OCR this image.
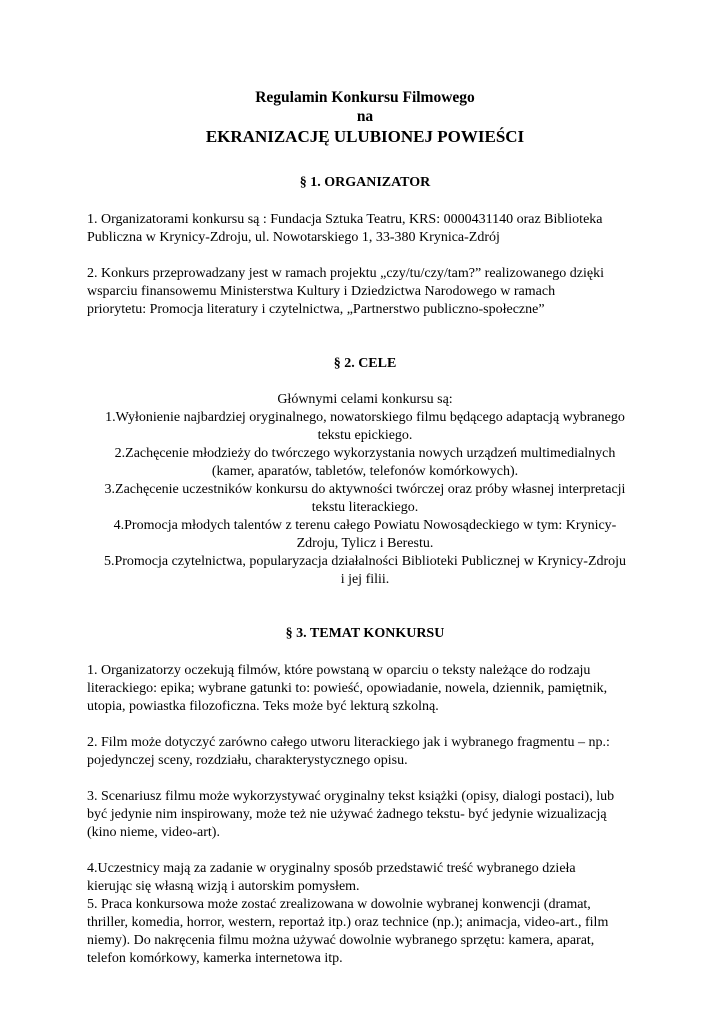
Regulamin Konkursu Filmowego
na
EKRANIZACJĘ ULUBIONEJ POWIEŚCI
§ 1. ORGANIZATOR

1. Organizatorami konkursu są : Fundacja Sztuka Teatru, KRS: 0000431140 oraz Biblioteka
Publiczna w Krynicy-Zdroju, ul. Nowotarskiego 1, 33-380 Krynica-Zdrój

2. Konkurs przeprowadzany jest w ramach projektu „czy/tu/czy/tam?” realizowanego dzięki
wsparciu finansowemu Ministerstwa Kultury i Dziedzictwa Narodowego w ramach
priorytetu: Promocja literatury i czytelnictwa, „Partnerstwo publiczno-społeczne”

§ 2. CELE
Głównymi celami konkursu są:
1.Wyłonienie najbardziej oryginalnego, nowatorskiego filmu będącego adaptacją wybranego
tekstu epickiego.
2.Zachęcenie młodzieży do twórczego wykorzystania nowych urządzeń multimedialnych
(kamer, aparatów, tabletów, telefonów komórkowych).
3.Zachęcenie uczestników konkursu do aktywności twórczej oraz próby własnej interpretacji
tekstu literackiego.
4.Promocja młodych talentów z terenu całego Powiatu Nowosądeckiego w tym: Krynicy-
Zdroju, Tylicz i Berestu.
5.Promocja czytelnictwa, popularyzacja działalności Biblioteki Publicznej w Krynicy-Zdroju
i jej filii.
§ 3. TEMAT KONKURSU

1. Organizatorzy oczekują filmów, które powstaną w oparciu o teksty należące do rodzaju
literackiego: epika; wybrane gatunki to: powieść, opowiadanie, nowela, dziennik, pamiętnik,
utopia, powiastka filozoficzna. Teks może być lekturą szkolną.

2. Film może dotyczyć zarówno całego utworu literackiego jak i wybranego fragmentu – np.:
pojedynczej sceny, rozdziału, charakterystycznego opisu.

3. Scenariusz filmu może wykorzystywać oryginalny tekst książki (opisy, dialogi postaci), lub
być jedynie nim inspirowany, może też nie używać żadnego tekstu- być jedynie wizualizacją
(kino nieme, video-art).

4.Uczestnicy mają za zadanie w oryginalny sposób przedstawić treść wybranego dzieła
kierując się własną wizją i autorskim pomysłem.
5. Praca konkursowa może zostać zrealizowana w dowolnie wybranej konwencji (dramat,
thriller, komedia, horror, western, reportaż itp.) oraz technice (np.); animacja, video-art., film
niemy). Do nakręcenia filmu można używać dowolnie wybranego sprzętu: kamera, aparat,
telefon komórkowy, kamerka internetowa itp.
